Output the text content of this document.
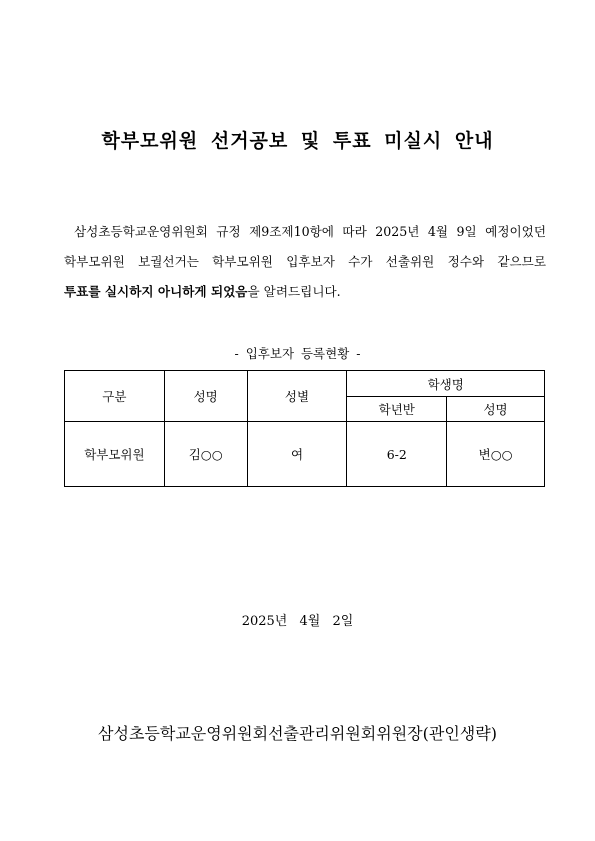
학부모위원 선거공보 및 투표 미실시 안내
삼성초등학교운영위원회 규정 제9조제10항에 따라 2025년 4월 9일 예정이었던
학부모위원 보궐선거는 학부모위원 입후보자 수가 선출위원 정수와 같으므로
투표를 실시하지 아니하게 되었음을 알려드립니다.
- 입후보자 등록현황 -
구분	성명	성별	학생명	
			학년반	성명
학부모위원	김○○	여	6-2	변○○
2025년 4월 2일
삼성초등학교운영위원회선출관리위원회위원장(관인생략)
